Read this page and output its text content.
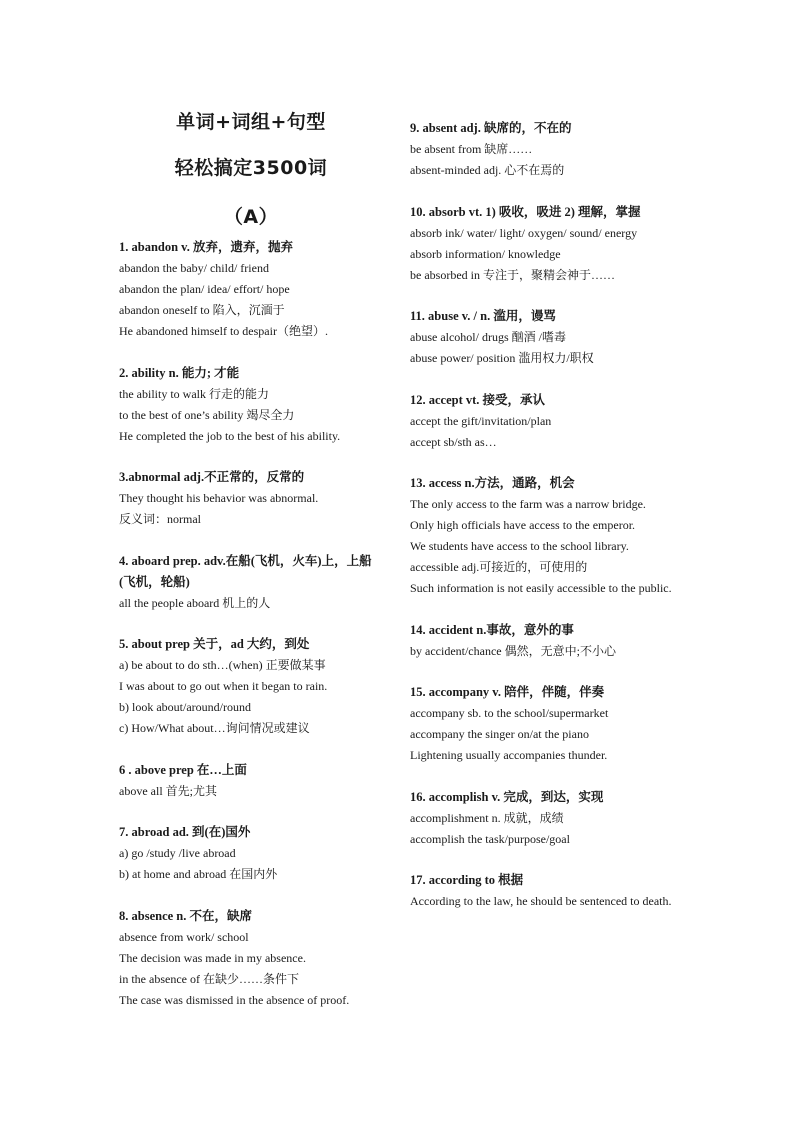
单词+词组+句型
轻松搞定3500词
（A）

1. abandon v. 放弃，遗弃，抛弃

abandon the baby/ child/ friend

abandon the plan/ idea/ effort/ hope

abandon oneself to 陷入，沉湎于

He abandoned himself to despair（绝望）.

2. ability n. 能力; 才能

the ability to walk 行走的能力

to the best of one’s ability 竭尽全力

He completed the job to the best of his ability.

3.abnormal adj.不正常的，反常的

They thought his behavior was abnormal.

反义词：normal

4. aboard prep. adv.在船(飞机，火车)上，上船(飞机，轮船)

all the people aboard 机上的人

5. about prep 关于，ad 大约，到处

a) be about to do sth…(when) 正要做某事

I was about to go out when it began to rain.

b) look about/around/round

c) How/What about…询问情况或建议

6 . above prep 在…上面

above all 首先;尤其

7. abroad ad. 到(在)国外

a) go /study /live abroad

b) at home and abroad 在国内外

8. absence n. 不在，缺席

absence from work/ school

The decision was made in my absence.

in the absence of 在缺少……条件下

The case was dismissed in the absence of proof.

9. absent adj. 缺席的，不在的

be absent from 缺席……

absent-minded adj. 心不在焉的

10. absorb vt. 1) 吸收，吸进 2) 理解，掌握

absorb ink/ water/ light/ oxygen/ sound/ energy

absorb information/ knowledge

be absorbed in 专注于，聚精会神于……

11. abuse v. / n. 滥用，谩骂

abuse alcohol/ drugs 酗酒 /嗜毒

abuse power/ position 滥用权力/职权

12. accept vt. 接受，承认

accept the gift/invitation/plan

accept sb/sth as…

13. access n.方法，通路，机会

The only access to the farm was a narrow bridge.

Only high officials have access to the emperor.

We students have access to the school library.

accessible adj.可接近的，可使用的

Such information is not easily accessible to the public.

14. accident n.事故，意外的事

by accident/chance 偶然，无意中;不小心

15. accompany v. 陪伴，伴随，伴奏

accompany sb. to the school/supermarket

accompany the singer on/at the piano

Lightening usually accompanies thunder.

16. accomplish v. 完成，到达，实现

accomplishment n. 成就，成绩

accomplish the task/purpose/goal

17. according to 根据

According to the law, he should be sentenced to death.
